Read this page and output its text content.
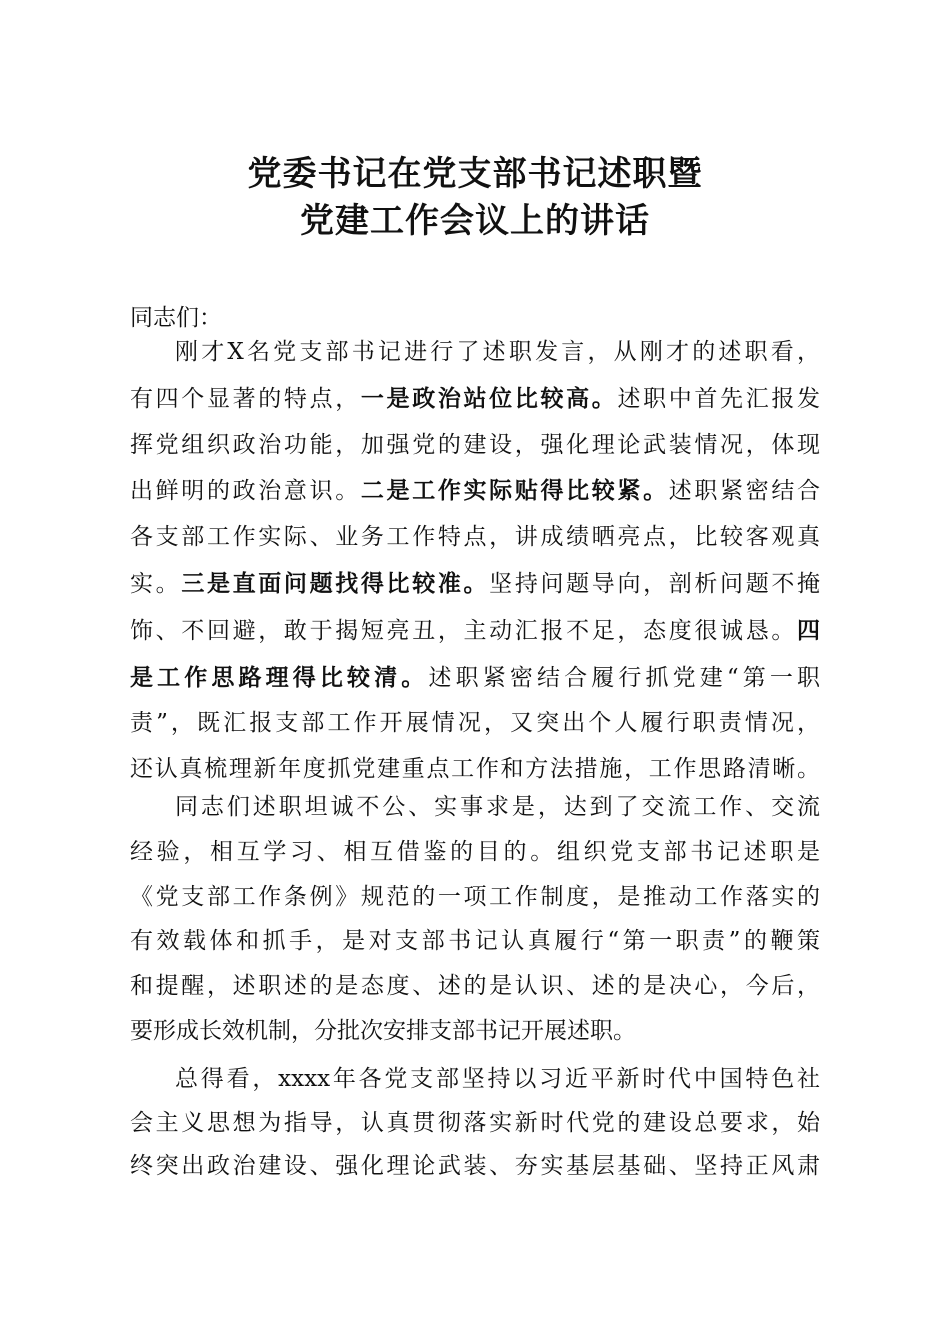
党委书记在党支部书记述职暨
党建工作会议上的讲话
同志们：
刚才X名党支部书记进行了述职发言，从刚才的述职看，
有四个显著的特点，一是政治站位比较高。述职中首先汇报发
挥党组织政治功能，加强党的建设，强化理论武装情况，体现
出鲜明的政治意识。二是工作实际贴得比较紧。述职紧密结合
各支部工作实际、业务工作特点，讲成绩晒亮点，比较客观真
实。三是直面问题找得比较准。坚持问题导向，剖析问题不掩
饰、不回避，敢于揭短亮丑，主动汇报不足，态度很诚恳。四
是工作思路理得比较清。述职紧密结合履行抓党建“第一职
责”，既汇报支部工作开展情况，又突出个人履行职责情况，
还认真梳理新年度抓党建重点工作和方法措施，工作思路清晰。
同志们述职坦诚不公、实事求是，达到了交流工作、交流
经验，相互学习、相互借鉴的目的。组织党支部书记述职是
《党支部工作条例》规范的一项工作制度，是推动工作落实的
有效载体和抓手，是对支部书记认真履行“第一职责”的鞭策
和提醒，述职述的是态度、述的是认识、述的是决心，今后，
要形成长效机制，分批次安排支部书记开展述职。
总得看，xxxx年各党支部坚持以习近平新时代中国特色社
会主义思想为指导，认真贯彻落实新时代党的建设总要求，始
终突出政治建设、强化理论武装、夯实基层基础、坚持正风肃
